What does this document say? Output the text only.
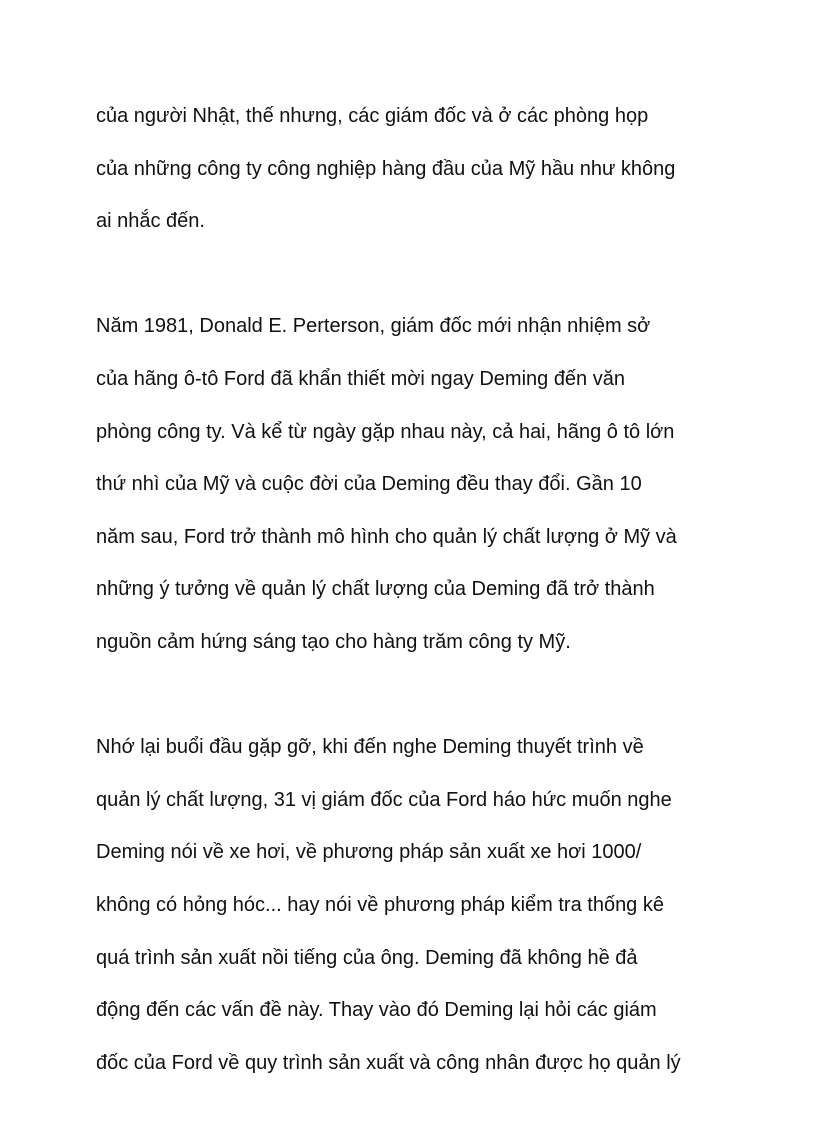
của người Nhật, thế nhưng, các giám đốc và ở các phòng họp
của những công ty công nghiệp hàng đầu của Mỹ hầu như không
ai nhắc đến.
Năm 1981, Donald E. Perterson, giám đốc mới nhận nhiệm sở
của hãng ô-tô Ford đã khẩn thiết mời ngay Deming đến văn
phòng công ty. Và kể từ ngày gặp nhau này, cả hai, hãng ô tô lớn
thứ nhì của Mỹ và cuộc đời của Deming đều thay đổi. Gần 10
năm sau, Ford trở thành mô hình cho quản lý chất lượng ở Mỹ và
những ý tưởng về quản lý chất lượng của Deming đã trở thành
nguồn cảm hứng sáng tạo cho hàng trăm công ty Mỹ.
Nhớ lại buổi đầu gặp gỡ, khi đến nghe Deming thuyết trình về
quản lý chất lượng, 31 vị giám đốc của Ford háo hức muốn nghe
Deming nói về xe hơi, về phương pháp sản xuất xe hơi 1000/
không có hỏng hóc... hay nói về phương pháp kiểm tra thống kê
quá trình sản xuất nồi tiếng của ông. Deming đã không hề đả
động đến các vấn đề này. Thay vào đó Deming lại hỏi các giám
đốc của Ford về quy trình sản xuất và công nhân được họ quản lý
